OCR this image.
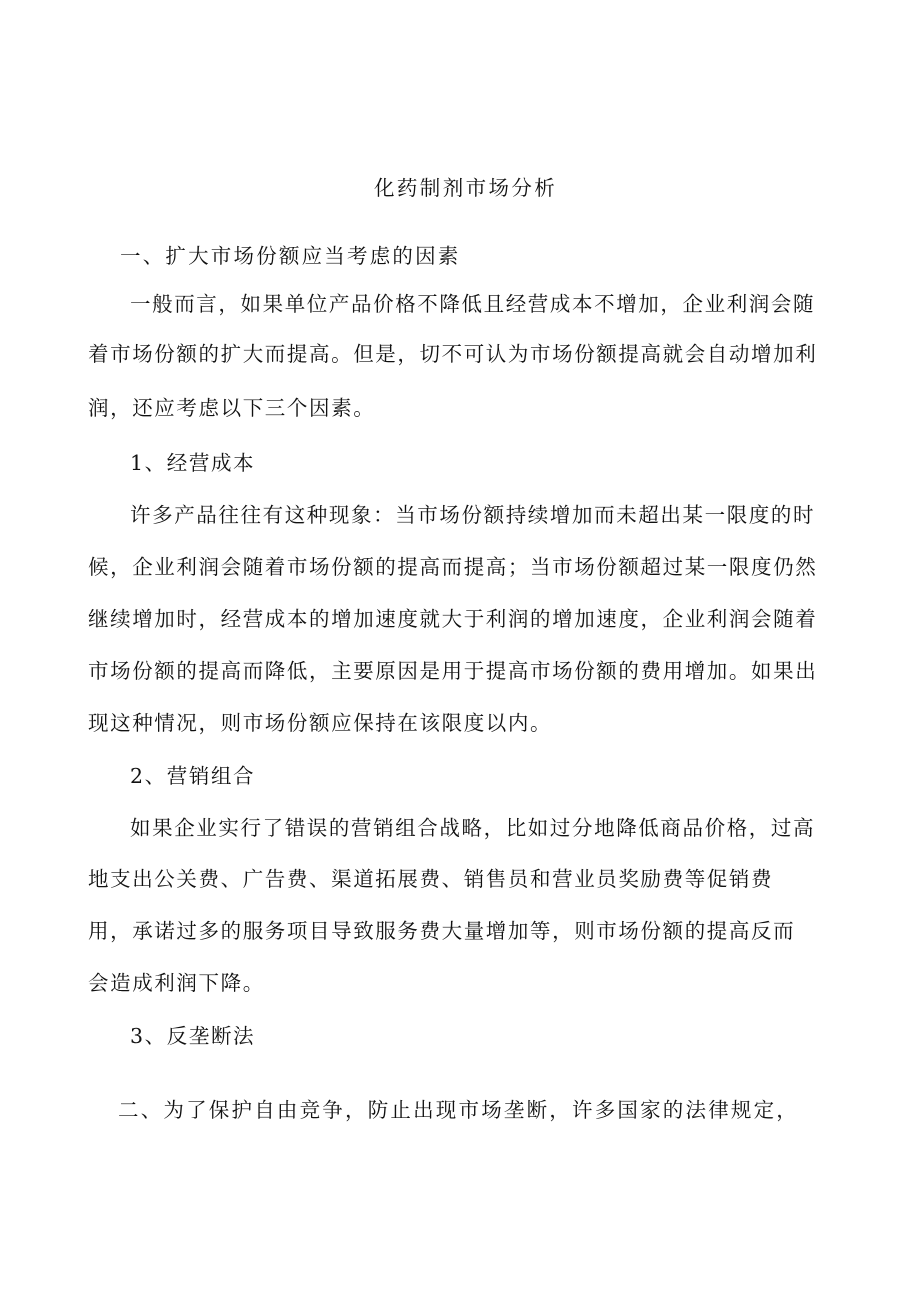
化药制剂市场分析
一、扩大市场份额应当考虑的因素
一般而言，如果单位产品价格不降低且经营成本不增加，企业利润会随
着市场份额的扩大而提高。但是，切不可认为市场份额提高就会自动增加利
润，还应考虑以下三个因素。
1、经营成本
许多产品往往有这种现象：当市场份额持续增加而未超出某一限度的时
候，企业利润会随着市场份额的提高而提高；当市场份额超过某一限度仍然
继续增加时，经营成本的增加速度就大于利润的增加速度，企业利润会随着
市场份额的提高而降低，主要原因是用于提高市场份额的费用增加。如果出
现这种情况，则市场份额应保持在该限度以内。
2、营销组合
如果企业实行了错误的营销组合战略，比如过分地降低商品价格，过高
地支出公关费、广告费、渠道拓展费、销售员和营业员奖励费等促销费
用，承诺过多的服务项目导致服务费大量增加等，则市场份额的提高反而
会造成利润下降。
3、反垄断法
二、为了保护自由竞争，防止出现市场垄断，许多国家的法律规定，
